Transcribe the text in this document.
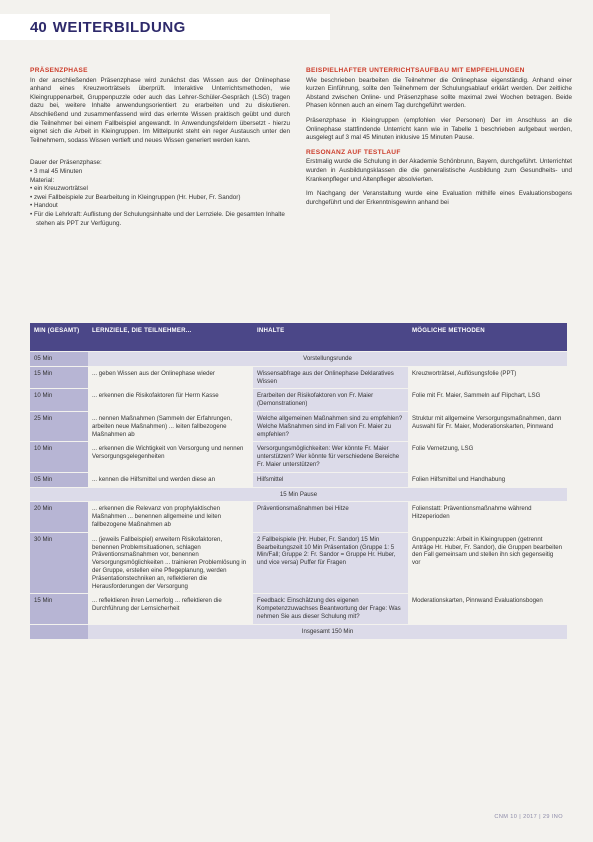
40 WEITERBILDUNG
PRÄSENZPHASE

In der anschließenden Präsenzphase wird zunächst das Wissen aus der Onlinephase anhand eines Kreuzworträtsels überprüft. Interaktive Unterrichtsmethoden, wie Kleingruppenarbeit, Gruppenpuzzle oder auch das Lehrer-Schüler-Gespräch (LSG) tragen dazu bei, weitere Inhalte anwendungsorientiert zu erarbeiten und zu diskutieren. Abschließend und zusammenfassend wird das erlernte Wissen praktisch geübt und durch die Teilnehmer bei einem Fallbeispiel angewandt. In Anwendungsfeldern übersetzt - hierzu eignet sich die Arbeit in Kleingruppen. Im Mittelpunkt steht ein reger Austausch unter den Teilnehmern, sodass Wissen vertieft und neues Wissen generiert werden kann.

Dauer der Präsenzphase:
• 3 mal 45 Minuten
Material:
• ein Kreuzworträtsel
• zwei Fallbeispiele zur Bearbeitung in Kleingruppen (Hr. Huber, Fr. Sandor)
• Handout
• Für die Lehrkraft: Auflistung der Schulungsinhalte und der Lernziele. Die gesamten Inhalte stehen als PPT zur Verfügung.
BEISPIELHAFTER UNTERRICHTSAUFBAU MIT EMPFEHLUNGEN

Wie beschrieben bearbeiten die Teilnehmer die Onlinephase eigenständig. Anhand einer kurzen Einführung, sollte den Teilnehmern der Schulungsablauf erklärt werden. Der zeitliche Abstand zwischen Online- und Präsenzphase sollte maximal zwei Wochen betragen. Beide Phasen können auch an einem Tag durchgeführt werden.

Präsenzphase in Kleingruppen (empfohlen vier Personen) Der im Anschluss an die Onlinephase stattfindende Unterricht kann wie in Tabelle 1 beschrieben aufgebaut werden, ausgelegt auf 3 mal 45 Minuten inklusive 15 Minuten Pause.

RESONANZ AUF TESTLAUF

Erstmalig wurde die Schulung in der Akademie Schönbrunn, Bayern, durchgeführt. Unterrichtet wurden in Ausbildungsklassen die die generalistische Ausbildung zum Gesundheits- und Krankenpfleger und Altenpfleger absolvierten.

Im Nachgang der Veranstaltung wurde eine Evaluation mithilfe eines Evaluationsbogens durchgeführt und der Erkenntnisgewinn anhand bei

MIN (GESAMT)	LERNZIELE, DIE TEILNEHMER...	INHALTE	MÖGLICHE METHODEN
05 Min	Vorstellungsrunde		
15 Min	... geben Wissen aus der Onlinephase wieder	Wissensabfrage aus der Onlinephase Deklaratives Wissen	Kreuzworträtsel, Auflösungsfolie (PPT)
10 Min	... erkennen die Risikofaktoren für Herrn Kasse	Erarbeiten der Risikofaktoren von Fr. Maier (Demonstrationen)	Folie mit Fr. Maier, Sammeln auf Flipchart, LSG
25 Min	... nennen Maßnahmen (Sammeln der Erfahrungen, arbeiten neue Maßnahmen) ... leiten fallbezogene Maßnahmen ab	Welche allgemeinen Maßnahmen sind zu empfehlen? Welche Maßnahmen sind im Fall von Fr. Maier zu empfehlen?	Struktur mit allgemeine Versorgungsmaßnahmen, dann Auswahl für Fr. Maier, Moderationskarten, Pinnwand
10 Min	... erkennen die Wichtigkeit von Versorgung und nennen Versorgungsgelegenheiten	Versorgungsmöglichkeiten: Wer könnte Fr. Maier unterstützen? Wer könnte für verschiedene Bereiche Fr. Maier unterstützen?	Folie Vernetzung, LSG
05 Min	... kennen die Hilfsmittel und werden diese an	Hilfsmittel	Folien Hilfsmittel und Handhabung
15 Min Pause			
20 Min	... erkennen die Relevanz von prophylaktischen Maßnahmen ... benennen allgemeine und leiten fallbezogene Maßnahmen ab	Präventionsmaßnahmen bei Hitze	Folienstatt: Präventionsmaßnahme während Hitzeperioden
30 Min	... (jeweils Fallbeispiel) erweitern Risikofaktoren, benennen Problemsituationen, schlagen Präventionsmaßnahmen vor, benennen Versorgungsmöglichkeiten ... trainieren Problemlösung in der Gruppe, erstellen eine Pflegeplanung, werden Präsentationstechniken an, reflektieren die Herausforderungen der Versorgung	2 Fallbeispiele (Hr. Huber, Fr. Sandor) 15 Min Bearbeitungszeit 10 Min Präsentation (Gruppe 1: 5 Min/Fall; Gruppe 2: Fr. Sandor = Gruppe Hr. Huber, und vice versa) Puffer für Fragen	Gruppenpuzzle: Arbeit in Kleingruppen (getrennt Anträge Hr. Huber, Fr. Sandor), die Gruppen bearbeiten den Fall gemeinsam und stellen ihn sich gegenseitig vor
15 Min	... reflektieren ihren Lernerfolg ... reflektieren die Durchführung der Lernsicherheit	Feedback: Einschätzung des eigenen Kompetenzzuwachses Beantwortung der Frage: Was nehmen Sie aus dieser Schulung mit?	Moderationskarten, Pinnwand Evaluationsbogen
	Insgesamt 150 Min		
CNM 10 | 2017 | 29 INO
